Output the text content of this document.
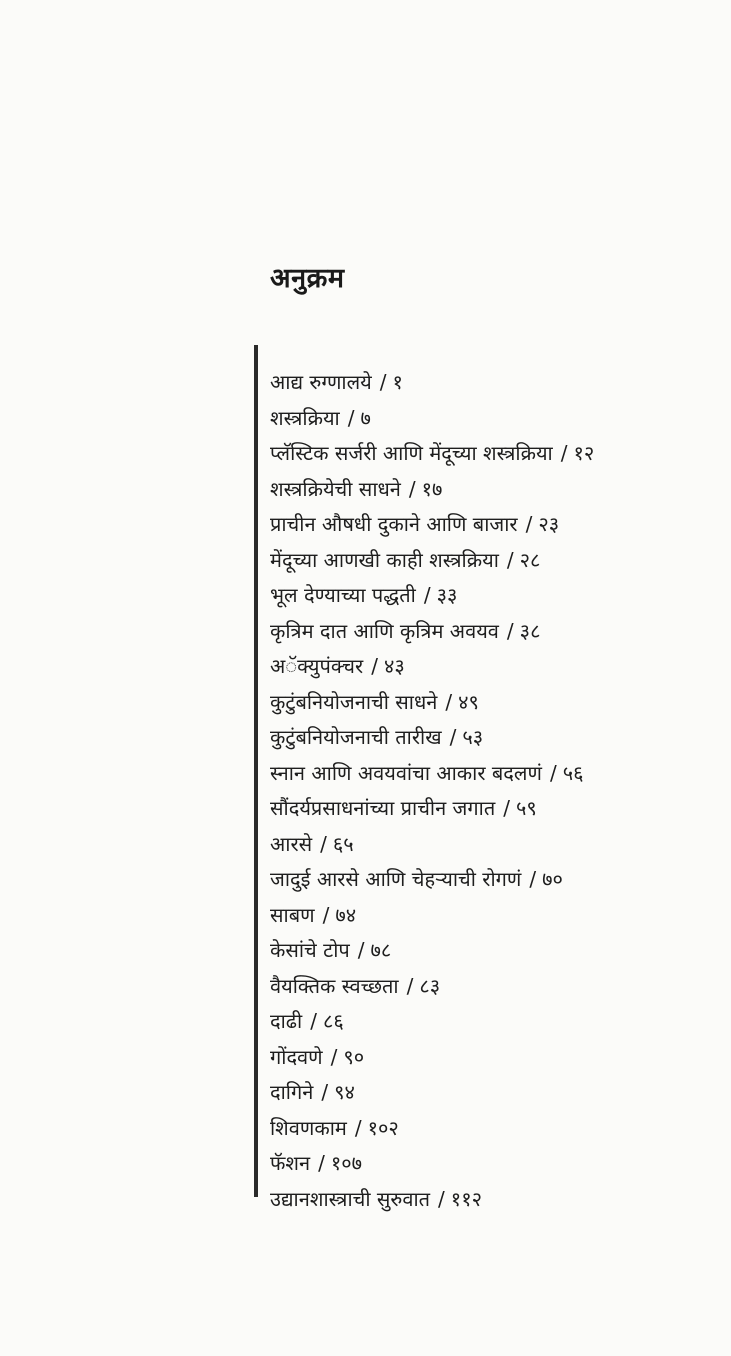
अनुक्रम
आद्य रुग्णालये / १
शस्त्रक्रिया / ७
प्लॅस्टिक सर्जरी आणि मेंदूच्या शस्त्रक्रिया / १२
शस्त्रक्रियेची साधने / १७
प्राचीन औषधी दुकाने आणि बाजार / २३
मेंदूच्या आणखी काही शस्त्रक्रिया / २८
भूल देण्याच्या पद्धती / ३३
कृत्रिम दात आणि कृत्रिम अवयव / ३८
अॅक्युपंक्चर / ४३
कुटुंबनियोजनाची साधने / ४९
कुटुंबनियोजनाची तारीख / ५३
स्नान आणि अवयवांचा आकार बदलणं / ५६
सौंदर्यप्रसाधनांच्या प्राचीन जगात / ५९
आरसे / ६५
जादुई आरसे आणि चेहऱ्याची रोगणं / ७०
साबण / ७४
केसांचे टोप / ७८
वैयक्तिक स्वच्छता / ८३
दाढी / ८६
गोंदवणे / ९०
दागिने / ९४
शिवणकाम / १०२
फॅशन / १०७
उद्यानशास्त्राची सुरुवात / ११२
